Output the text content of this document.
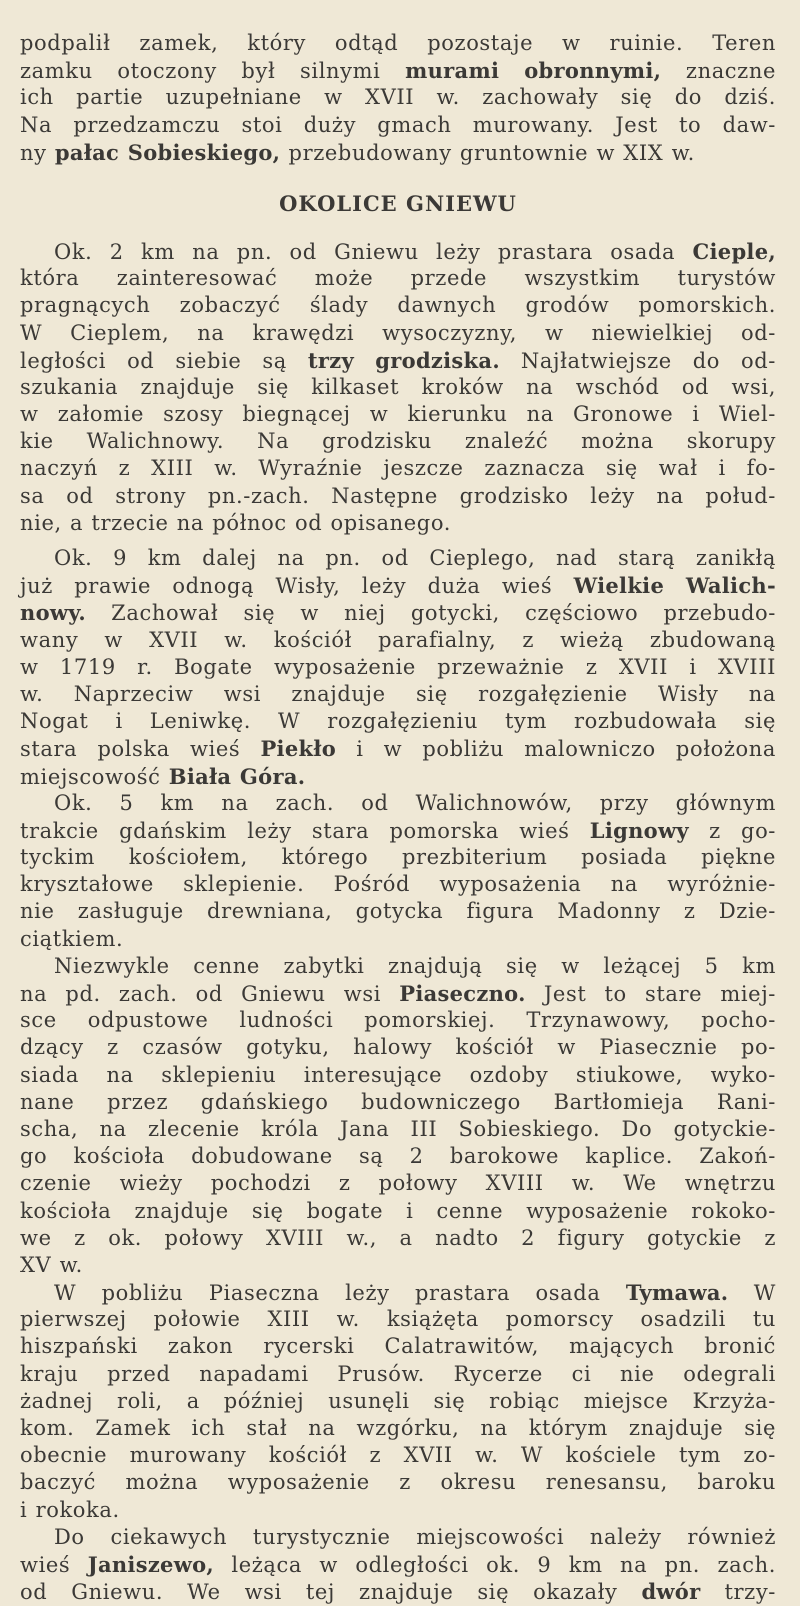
podpalił zamek, który odtąd pozostaje w ruinie. Teren
zamku otoczony był silnymi murami obronnymi, znaczne
ich partie uzupełniane w XVII w. zachowały się do dziś.
Na przedzamczu stoi duży gmach murowany. Jest to daw-
ny pałac Sobieskiego, przebudowany gruntownie w XIX w.
OKOLICE GNIEWU
Ok. 2 km na pn. od Gniewu leży prastara osada Cieple,
która zainteresować może przede wszystkim turystów
pragnących zobaczyć ślady dawnych grodów pomorskich.
W Cieplem, na krawędzi wysoczyzny, w niewielkiej od-
ległości od siebie są trzy grodziska. Najłatwiejsze do od-
szukania znajduje się kilkaset kroków na wschód od wsi,
w załomie szosy biegnącej w kierunku na Gronowe i Wiel-
kie Walichnowy. Na grodzisku znaleźć można skorupy
naczyń z XIII w. Wyraźnie jeszcze zaznacza się wał i fo-
sa od strony pn.-zach. Następne grodzisko leży na połud-
nie, a trzecie na północ od opisanego.
Ok. 9 km dalej na pn. od Cieplego, nad starą zanikłą
już prawie odnogą Wisły, leży duża wieś Wielkie Walich-
nowy. Zachował się w niej gotycki, częściowo przebudo-
wany w XVII w. kościół parafialny, z wieżą zbudowaną
w 1719 r. Bogate wyposażenie przeważnie z XVII i XVIII
w. Naprzeciw wsi znajduje się rozgałęzienie Wisły na
Nogat i Leniwkę. W rozgałęzieniu tym rozbudowała się
stara polska wieś Piekło i w pobliżu malowniczo położona
miejscowość Biała Góra.
Ok. 5 km na zach. od Walichnowów, przy głównym
trakcie gdańskim leży stara pomorska wieś Lignowy z go-
tyckim kościołem, którego prezbiterium posiada piękne
kryształowe sklepienie. Pośród wyposażenia na wyróżnie-
nie zasługuje drewniana, gotycka figura Madonny z Dzie-
ciątkiem.
Niezwykle cenne zabytki znajdują się w leżącej 5 km
na pd. zach. od Gniewu wsi Piaseczno. Jest to stare miej-
sce odpustowe ludności pomorskiej. Trzynawowy, pocho-
dzący z czasów gotyku, halowy kościół w Piasecznie po-
siada na sklepieniu interesujące ozdoby stiukowe, wyko-
nane przez gdańskiego budowniczego Bartłomieja Rani-
scha, na zlecenie króla Jana III Sobieskiego. Do gotyckie-
go kościoła dobudowane są 2 barokowe kaplice. Zakoń-
czenie wieży pochodzi z połowy XVIII w. We wnętrzu
kościoła znajduje się bogate i cenne wyposażenie rokoko-
we z ok. połowy XVIII w., a nadto 2 figury gotyckie z
XV w.
W pobliżu Piaseczna leży prastara osada Tymawa. W
pierwszej połowie XIII w. książęta pomorscy osadzili tu
hiszpański zakon rycerski Calatrawitów, mających bronić
kraju przed napadami Prusów. Rycerze ci nie odegrali
żadnej roli, a później usunęli się robiąc miejsce Krzyża-
kom. Zamek ich stał na wzgórku, na którym znajduje się
obecnie murowany kościół z XVII w. W kościele tym zo-
baczyć można wyposażenie z okresu renesansu, baroku
i rokoka.
Do ciekawych turystycznie miejscowości należy również
wieś Janiszewo, leżąca w odległości ok. 9 km na pn. zach.
od Gniewu. We wsi tej znajduje się okazały dwór trzy-
